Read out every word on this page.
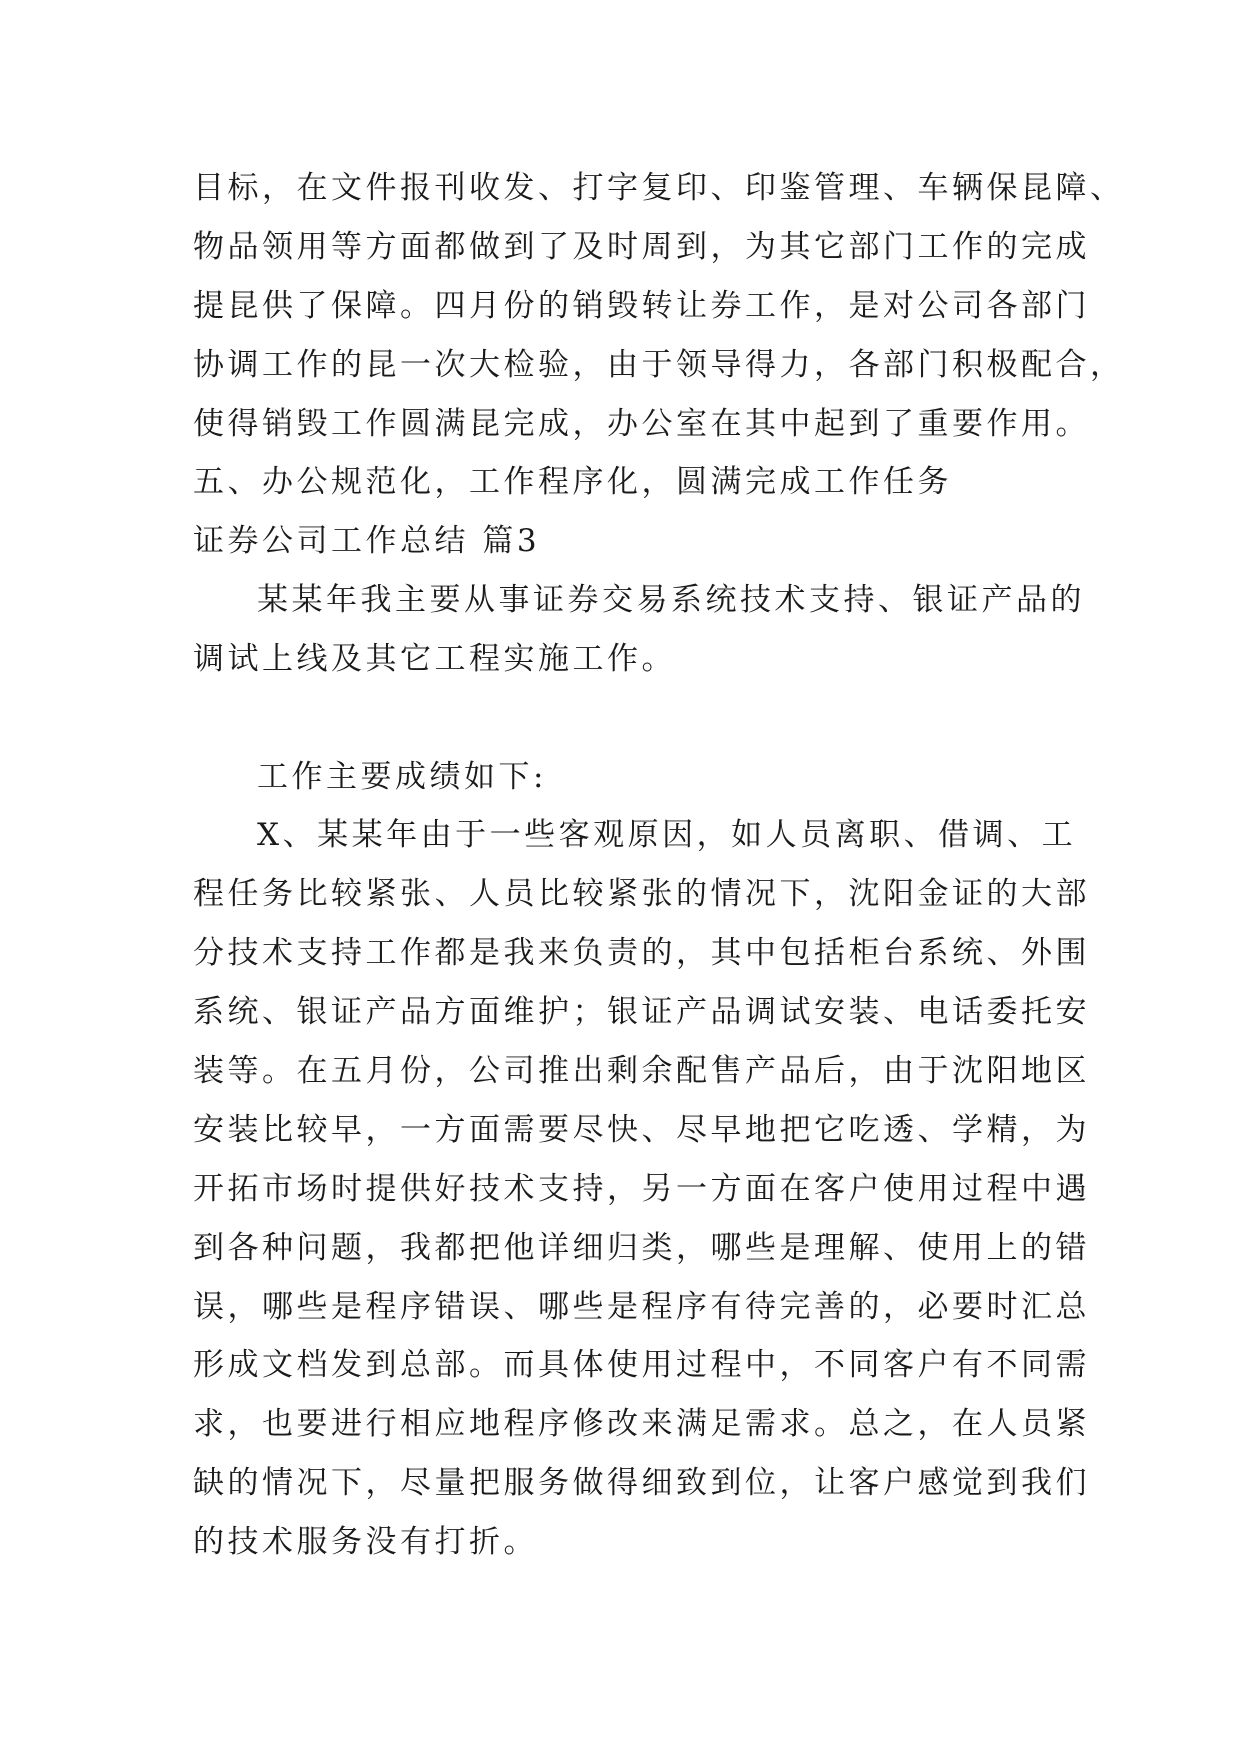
目标，在文件报刊收发、打字复印、印鉴管理、车辆保昆障、
物品领用等方面都做到了及时周到，为其它部门工作的完成
提昆供了保障。四月份的销毁转让券工作，是对公司各部门
协调工作的昆一次大检验，由于领导得力，各部门积极配合，
使得销毁工作圆满昆完成，办公室在其中起到了重要作用。
五、办公规范化，工作程序化，圆满完成工作任务
证券公司工作总结 篇3
某某年我主要从事证券交易系统技术支持、银证产品的
调试上线及其它工程实施工作。
工作主要成绩如下:
X、某某年由于一些客观原因，如人员离职、借调、工
程任务比较紧张、人员比较紧张的情况下，沈阳金证的大部
分技术支持工作都是我来负责的，其中包括柜台系统、外围
系统、银证产品方面维护；银证产品调试安装、电话委托安
装等。在五月份，公司推出剩余配售产品后，由于沈阳地区
安装比较早，一方面需要尽快、尽早地把它吃透、学精，为
开拓市场时提供好技术支持，另一方面在客户使用过程中遇
到各种问题，我都把他详细归类，哪些是理解、使用上的错
误，哪些是程序错误、哪些是程序有待完善的，必要时汇总
形成文档发到总部。而具体使用过程中，不同客户有不同需
求，也要进行相应地程序修改来满足需求。总之，在人员紧
缺的情况下，尽量把服务做得细致到位，让客户感觉到我们
的技术服务没有打折。
